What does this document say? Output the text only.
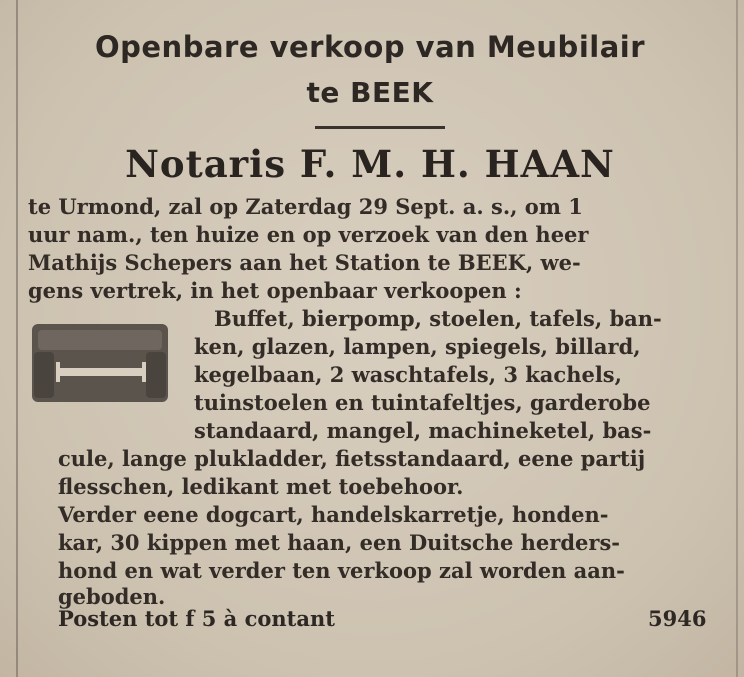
Openbare verkoop van Meubilair
te BEEK
Notaris F. M. H. HAAN
te Urmond, zal op Zaterdag 29 Sept. a. s., om 1
uur nam., ten huize en op verzoek van den heer
Mathijs Schepers aan het Station te BEEK, we-
gens vertrek, in het openbaar verkoopen :
Buffet, bierpomp, stoelen, tafels, ban-
ken, glazen, lampen, spiegels, billard,
kegelbaan, 2 waschtafels, 3 kachels,
tuinstoelen en tuintafeltjes, garderobe
standaard, mangel, machineketel, bas-
cule, lange plukladder, fietsstandaard, eene partij
flesschen, ledikant met toebehoor.
Verder eene dogcart, handelskarretje, honden-
kar, 30 kippen met haan, een Duitsche herders-
hond en wat verder ten verkoop zal worden aan-
geboden.
Posten tot f 5 à contant	5946
